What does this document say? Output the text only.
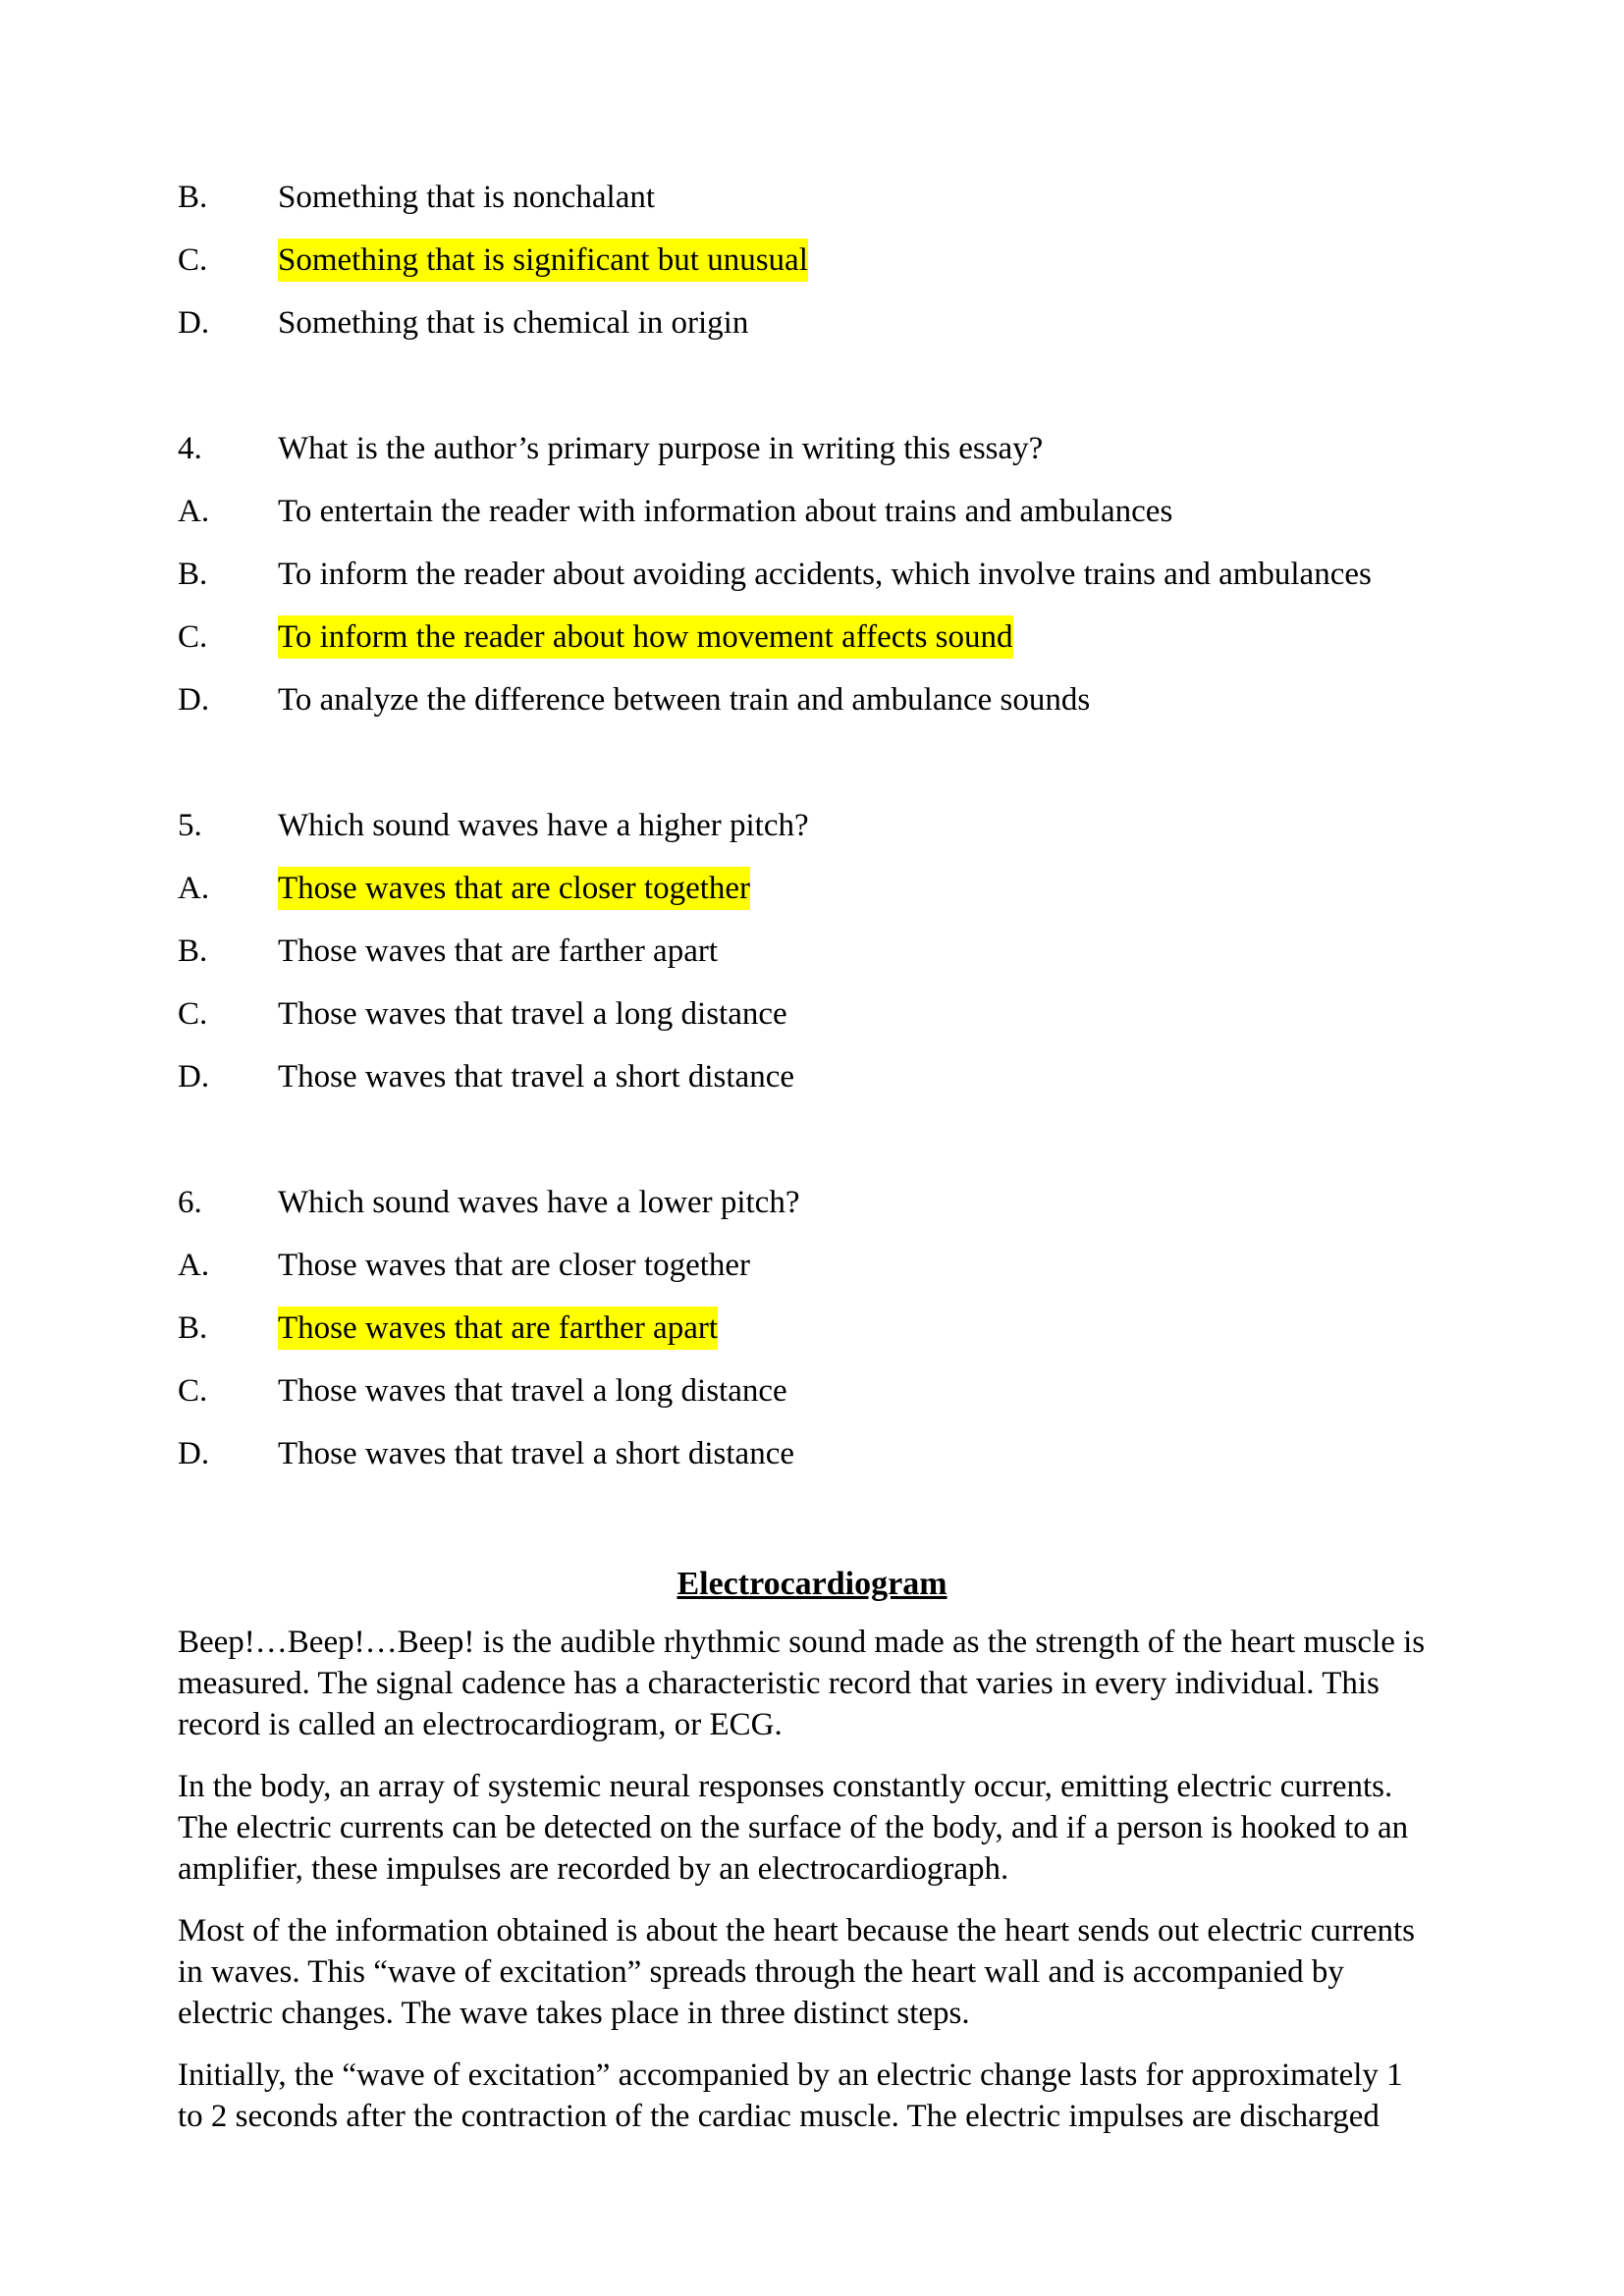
B. Something that is nonchalant
C. Something that is significant but unusual
D. Something that is chemical in origin
4. What is the author’s primary purpose in writing this essay?
A. To entertain the reader with information about trains and ambulances
B. To inform the reader about avoiding accidents, which involve trains and ambulances
C. To inform the reader about how movement affects sound
D. To analyze the difference between train and ambulance sounds
5. Which sound waves have a higher pitch?
A. Those waves that are closer together
B. Those waves that are farther apart
C. Those waves that travel a long distance
D. Those waves that travel a short distance
6. Which sound waves have a lower pitch?
A. Those waves that are closer together
B. Those waves that are farther apart
C. Those waves that travel a long distance
D. Those waves that travel a short distance
Electrocardiogram
Beep!…Beep!…Beep! is the audible rhythmic sound made as the strength of the heart muscle is
measured. The signal cadence has a characteristic record that varies in every individual. This
record is called an electrocardiogram, or ECG.
In the body, an array of systemic neural responses constantly occur, emitting electric currents.
The electric currents can be detected on the surface of the body, and if a person is hooked to an
amplifier, these impulses are recorded by an electrocardiograph.
Most of the information obtained is about the heart because the heart sends out electric currents
in waves. This “wave of excitation” spreads through the heart wall and is accompanied by
electric changes. The wave takes place in three distinct steps.
Initially, the “wave of excitation” accompanied by an electric change lasts for approximately 1
to 2 seconds after the contraction of the cardiac muscle. The electric impulses are discharged
